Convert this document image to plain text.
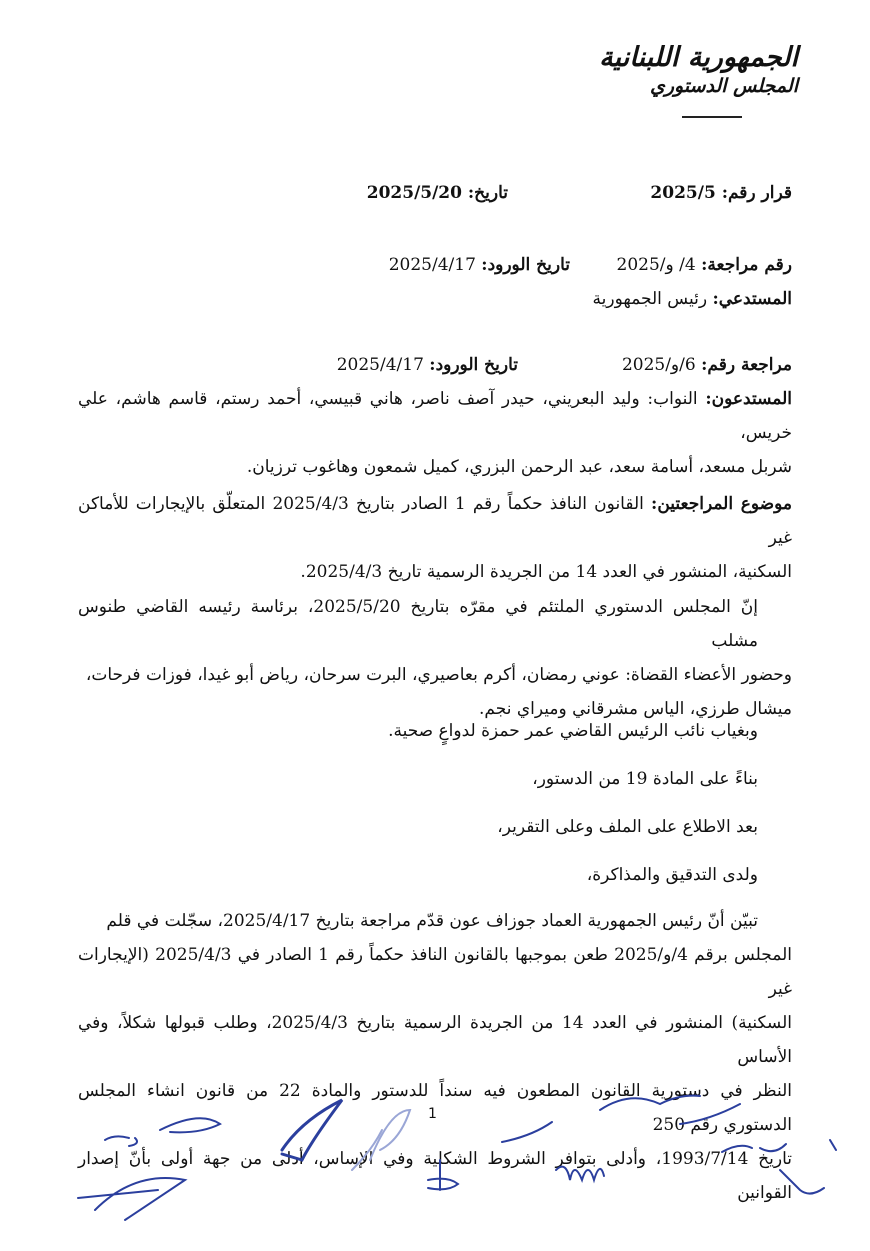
الجمهورية اللبنانية
المجلس الدستوري
قرار رقم: 2025/5
تاريخ: 2025/5/20
رقم مراجعة: 4/ و/2025
تاريخ الورود: 2025/4/17
المستدعي: رئيس الجمهورية
مراجعة رقم: 6/و/2025
تاريخ الورود: 2025/4/17
المستدعون: النواب: وليد البعريني، حيدر آصف ناصر، هاني قبيسي، أحمد رستم، قاسم هاشم، علي خريس،
شربل مسعد، أسامة سعد، عبد الرحمن البزري، كميل شمعون وهاغوب ترزيان.
موضوع المراجعتين: القانون النافذ حكماً رقم 1 الصادر بتاريخ 2025/4/3 المتعلّق بالإيجارات للأماكن غير
السكنية، المنشور في العدد 14 من الجريدة الرسمية تاريخ 2025/4/3.
إنّ المجلس الدستوري الملتئم في مقرّه بتاريخ 2025/5/20، برئاسة رئيسه القاضي طنوس مشلب
وحضور الأعضاء القضاة: عوني رمضان، أكرم بعاصيري، البرت سرحان، رياض أبو غيدا، فوزات فرحات،
ميشال طرزي، الياس مشرقاني وميراي نجم.
وبغياب نائب الرئيس القاضي عمر حمزة لدواعٍ صحية.
بناءً على المادة 19 من الدستور،
بعد الاطلاع على الملف وعلى التقرير،
ولدى التدقيق والمذاكرة،
تبيّن أنّ رئيس الجمهورية العماد جوزاف عون قدّم مراجعة بتاريخ 2025/4/17، سجّلت في قلم
المجلس برقم 4/و/2025 طعن بموجبها بالقانون النافذ حكماً رقم 1 الصادر في 2025/4/3 (الإيجارات غير
السكنية) المنشور في العدد 14 من الجريدة الرسمية بتاريخ 2025/4/3، وطلب قبولها شكلاً، وفي الأساس
النظر في دستورية القانون المطعون فيه سنداً للدستور والمادة 22 من قانون انشاء المجلس الدستوري رقم 250
تاريخ 1993/7/14، وأدلى بتوافر الشروط الشكلية وفي الإساس، أدلى من جهة أولى بأنّ إصدار القوانين
1
